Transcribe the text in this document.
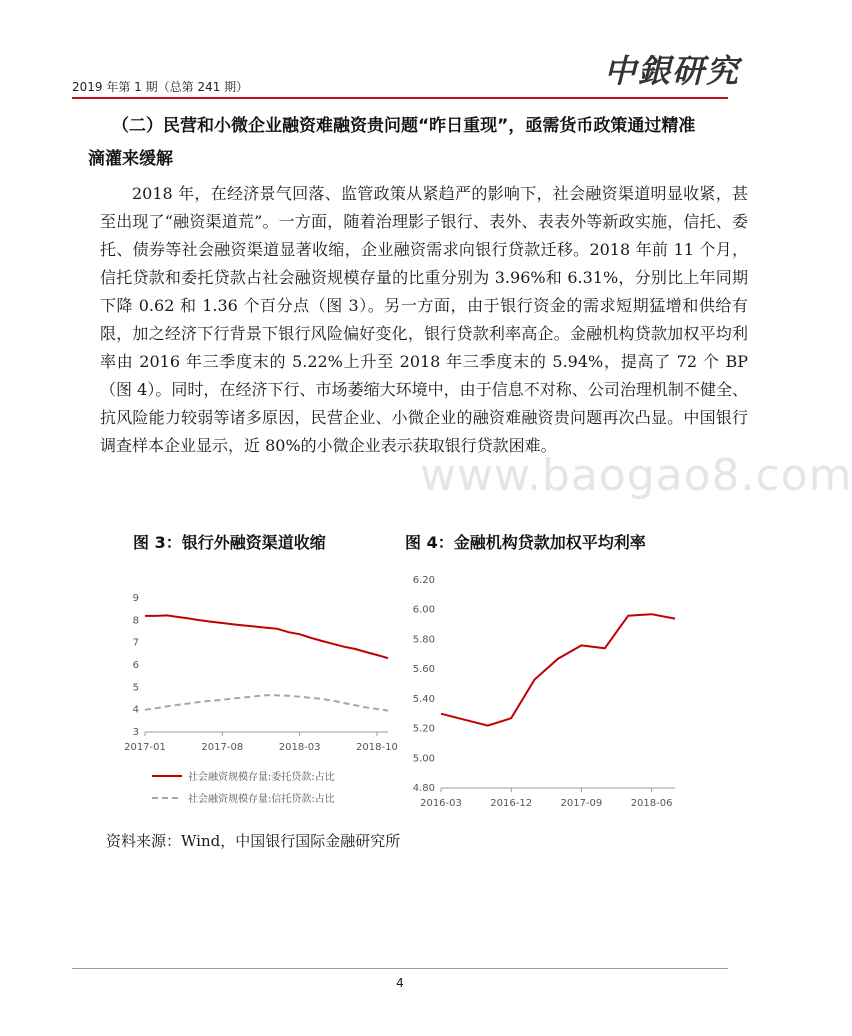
2019 年第 1 期（总第 241 期）	中銀研究
（二）民营和小微企业融资难融资贵问题“昨日重现”，亟需货币政策通过精准
滴灌来缓解
2018 年，在经济景气回落、监管政策从紧趋严的影响下，社会融资渠道明显收紧，甚至出现了“融资渠道荒”。一方面，随着治理影子银行、表外、表表外等新政实施，信托、委托、债券等社会融资渠道显著收缩，企业融资需求向银行贷款迁移。2018 年前 11 个月，信托贷款和委托贷款占社会融资规模存量的比重分别为 3.96%和 6.31%，分别比上年同期下降 0.62 和 1.36 个百分点（图 3）。另一方面，由于银行资金的需求短期猛增和供给有限，加之经济下行背景下银行风险偏好变化，银行贷款利率高企。金融机构贷款加权平均利率由 2016 年三季度末的 5.22%上升至 2018 年三季度末的 5.94%，提高了 72 个 BP（图 4）。同时，在经济下行、市场萎缩大环境中，由于信息不对称、公司治理机制不健全、抗风险能力较弱等诸多原因，民营企业、小微企业的融资难融资贵问题再次凸显。中国银行调查样本企业显示，近 80%的小微企业表示获取银行贷款困难。
www.baogao8.com
图 3：银行外融资渠道收缩	图 4：金融机构贷款加权平均利率
3
4
5
6
7
8
9
2017-01	2017-08	2018-03	2018-10
社会融资规模存量:委托贷款:占比
社会融资规模存量:信托贷款:占比
4.80
5.00
5.20
5.40
5.60
5.80
6.00
6.20
2016-03	2016-12	2017-09	2018-06
资料来源：Wind，中国银行国际金融研究所
4
